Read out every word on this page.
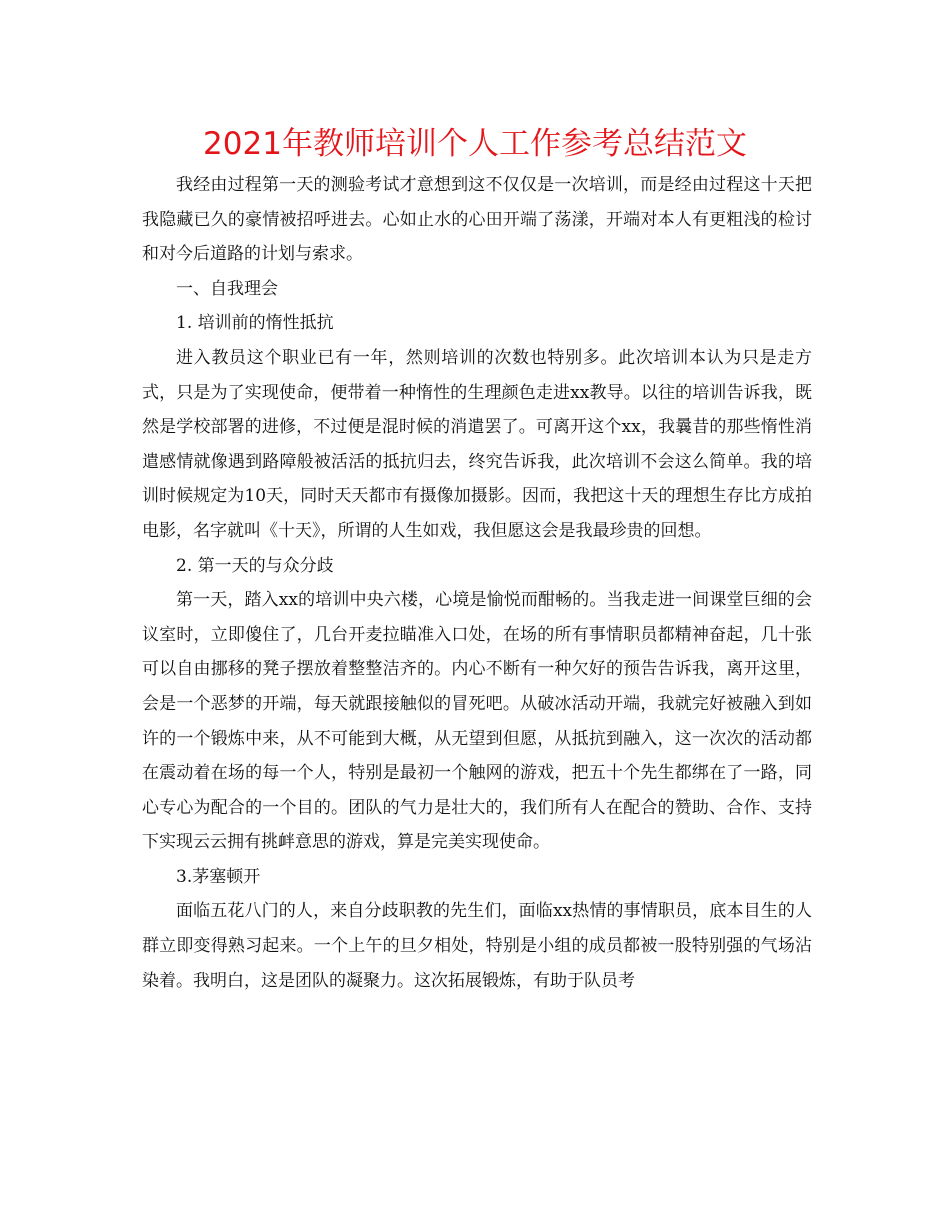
2021年教师培训个人工作参考总结范文

我经由过程第一天的测验考试才意想到这不仅仅是一次培训，而是经由过程这十天把我隐藏已久的豪情被招呼进去。心如止水的心田开端了荡漾，开端对本人有更粗浅的检讨和对今后道路的计划与索求。

一、自我理会

1. 培训前的惰性抵抗

进入教员这个职业已有一年，然则培训的次数也特别多。此次培训本认为只是走方式，只是为了实现使命，便带着一种惰性的生理颜色走进xx教导。以往的培训告诉我，既然是学校部署的进修，不过便是混时候的消遣罢了。可离开这个xx，我曩昔的那些惰性消遣感情就像遇到路障般被活活的抵抗归去，终究告诉我，此次培训不会这么简单。我的培训时候规定为10天，同时天天都市有摄像加摄影。因而，我把这十天的理想生存比方成拍电影，名字就叫《十天》，所谓的人生如戏，我但愿这会是我最珍贵的回想。

2. 第一天的与众分歧

第一天，踏入xx的培训中央六楼，心境是愉悦而酣畅的。当我走进一间课堂巨细的会议室时，立即傻住了，几台开麦拉瞄准入口处，在场的所有事情职员都精神奋起，几十张可以自由挪移的凳子摆放着整整洁齐的。内心不断有一种欠好的预告告诉我，离开这里，会是一个恶梦的开端，每天就跟接触似的冒死吧。从破冰活动开端，我就完好被融入到如许的一个锻炼中来，从不可能到大概，从无望到但愿，从抵抗到融入，这一次次的活动都在震动着在场的每一个人，特别是最初一个触网的游戏，把五十个先生都绑在了一路，同心专心为配合的一个目的。团队的气力是壮大的，我们所有人在配合的赞助、合作、支持下实现云云拥有挑衅意思的游戏，算是完美实现使命。

3.茅塞顿开

面临五花八门的人，来自分歧职教的先生们，面临xx热情的事情职员，底本目生的人群立即变得熟习起来。一个上午的旦夕相处，特别是小组的成员都被一股特别强的气场沾染着。我明白，这是团队的凝聚力。这次拓展锻炼，有助于队员考
